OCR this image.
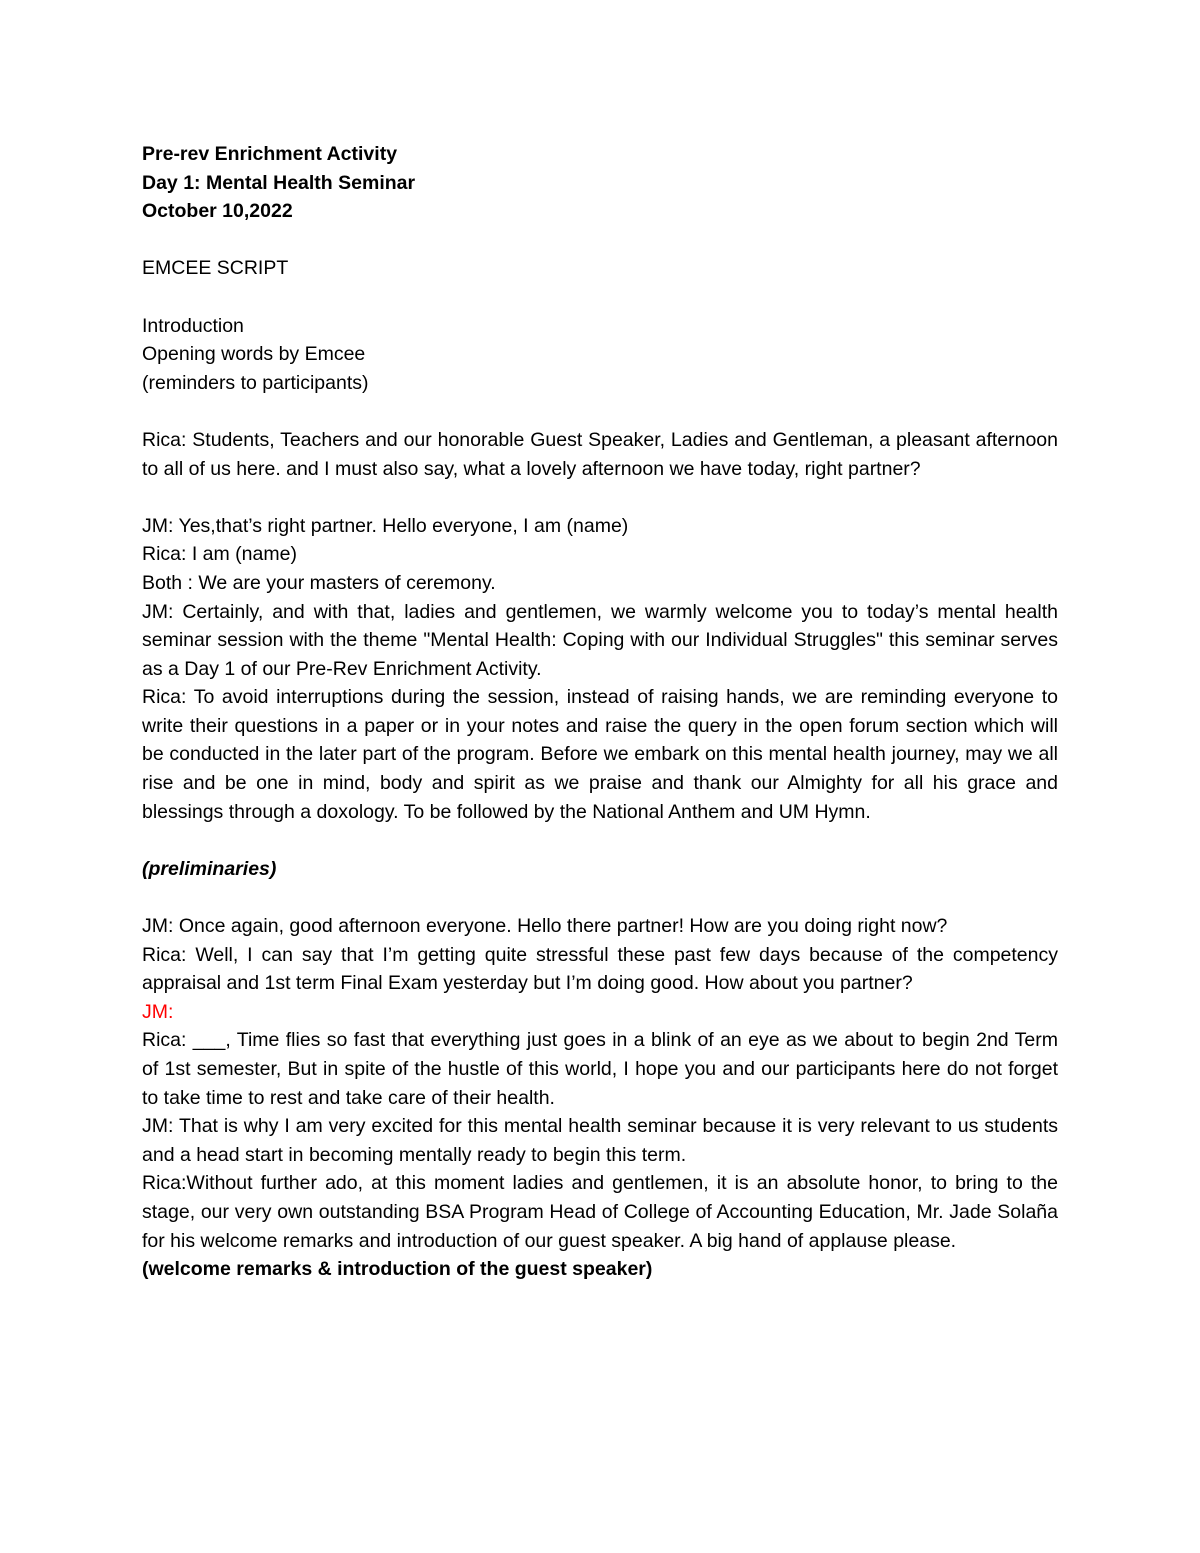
Pre-rev Enrichment Activity

Day 1: Mental Health Seminar

October 10,2022

EMCEE SCRIPT

Introduction

Opening words by Emcee

(reminders to participants)

Rica: Students, Teachers and our honorable Guest Speaker, Ladies and Gentleman, a pleasant afternoon to all of us here. and I must also say, what a lovely afternoon we have today, right partner?

JM: Yes,that’s right partner. Hello everyone, I am (name)

Rica: I am (name)

Both : We are your masters of ceremony.

JM: Certainly, and with that, ladies and gentlemen, we warmly welcome you to today’s mental health seminar session with the theme "Mental Health: Coping with our Individual Struggles" this seminar serves as a Day 1 of our Pre-Rev Enrichment Activity.

Rica: To avoid interruptions during the session, instead of raising hands, we are reminding everyone to write their questions in a paper or in your notes and raise the query in the open forum section which will be conducted in the later part of the program. Before we embark on this mental health journey, may we all rise and be one in mind, body and spirit as we praise and thank our Almighty for all his grace and blessings through a doxology. To be followed by the National Anthem and UM Hymn.

(preliminaries)

JM: Once again, good afternoon everyone. Hello there partner! How are you doing right now?

Rica: Well, I can say that I’m getting quite stressful these past few days because of the competency appraisal and 1st term Final Exam yesterday but I’m doing good. How about you partner?

JM:

Rica: ___, Time flies so fast that everything just goes in a blink of an eye as we about to begin 2nd Term of 1st semester, But in spite of the hustle of this world, I hope you and our participants here do not forget to take time to rest and take care of their health.

JM: That is why I am very excited for this mental health seminar because it is very relevant to us students and a head start in becoming mentally ready to begin this term.

Rica:Without further ado, at this moment ladies and gentlemen, it is an absolute honor, to bring to the stage, our very own outstanding BSA Program Head of College of Accounting Education, Mr. Jade Solaña for his welcome remarks and introduction of our guest speaker. A big hand of applause please.

(welcome remarks & introduction of the guest speaker)
